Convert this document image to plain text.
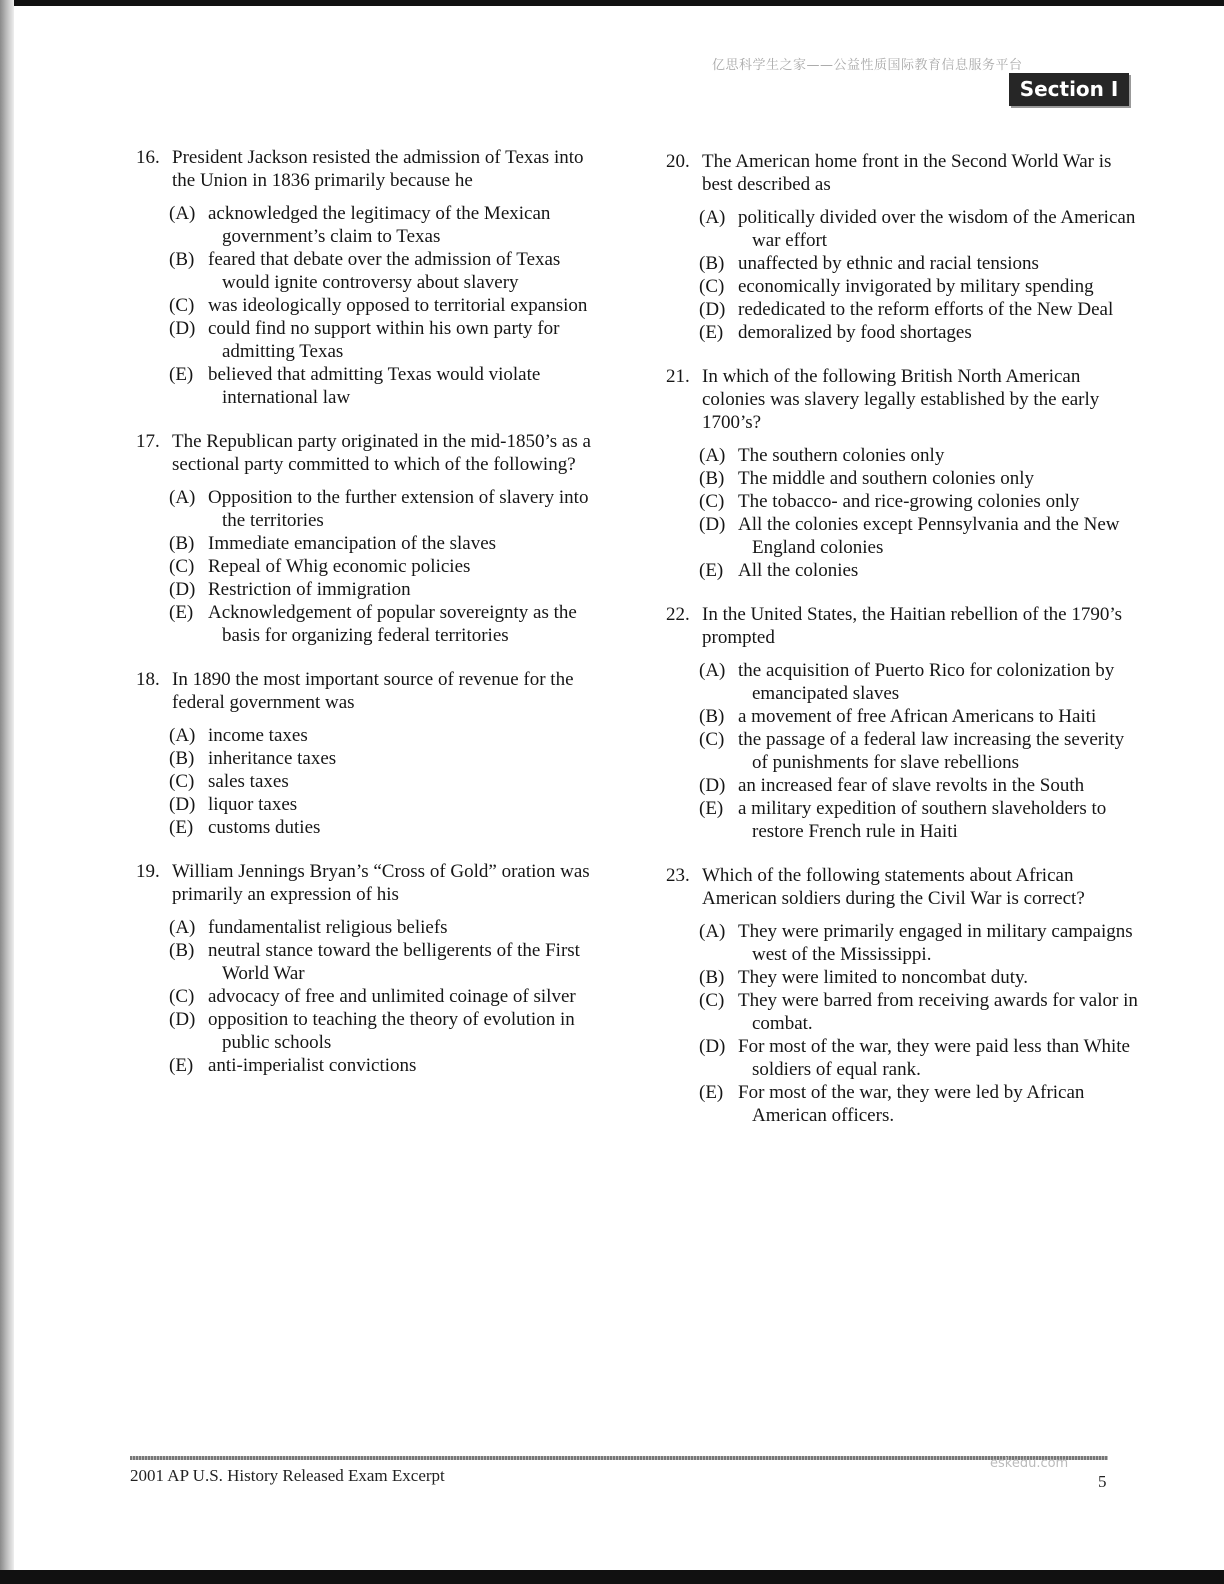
亿思科学生之家——公益性质国际教育信息服务平台
Section I
16. President Jackson resisted the admission of Texas into the Union in 1836 primarily because he
(A) acknowledged the legitimacy of the Mexican government’s claim to Texas
(B) feared that debate over the admission of Texas would ignite controversy about slavery
(C) was ideologically opposed to territorial expansion
(D) could find no support within his own party for admitting Texas
(E) believed that admitting Texas would violate international law
17. The Republican party originated in the mid-1850’s as a sectional party committed to which of the following?
(A) Opposition to the further extension of slavery into the territories
(B) Immediate emancipation of the slaves
(C) Repeal of Whig economic policies
(D) Restriction of immigration
(E) Acknowledgement of popular sovereignty as the basis for organizing federal territories
18. In 1890 the most important source of revenue for the federal government was
(A) income taxes
(B) inheritance taxes
(C) sales taxes
(D) liquor taxes
(E) customs duties
19. William Jennings Bryan’s “Cross of Gold” oration was primarily an expression of his
(A) fundamentalist religious beliefs
(B) neutral stance toward the belligerents of the First World War
(C) advocacy of free and unlimited coinage of silver
(D) opposition to teaching the theory of evolution in public schools
(E) anti-imperialist convictions
20. The American home front in the Second World War is best described as
(A) politically divided over the wisdom of the American war effort
(B) unaffected by ethnic and racial tensions
(C) economically invigorated by military spending
(D) rededicated to the reform efforts of the New Deal
(E) demoralized by food shortages
21. In which of the following British North American colonies was slavery legally established by the early 1700’s?
(A) The southern colonies only
(B) The middle and southern colonies only
(C) The tobacco- and rice-growing colonies only
(D) All the colonies except Pennsylvania and the New England colonies
(E) All the colonies
22. In the United States, the Haitian rebellion of the 1790’s prompted
(A) the acquisition of Puerto Rico for colonization by emancipated slaves
(B) a movement of free African Americans to Haiti
(C) the passage of a federal law increasing the severity of punishments for slave rebellions
(D) an increased fear of slave revolts in the South
(E) a military expedition of southern slaveholders to restore French rule in Haiti
23. Which of the following statements about African American soldiers during the Civil War is correct?
(A) They were primarily engaged in military campaigns west of the Mississippi.
(B) They were limited to noncombat duty.
(C) They were barred from receiving awards for valor in combat.
(D) For most of the war, they were paid less than White soldiers of equal rank.
(E) For most of the war, they were led by African American officers.
2001 AP U.S. History Released Exam Excerpt
eskedu.com
5
